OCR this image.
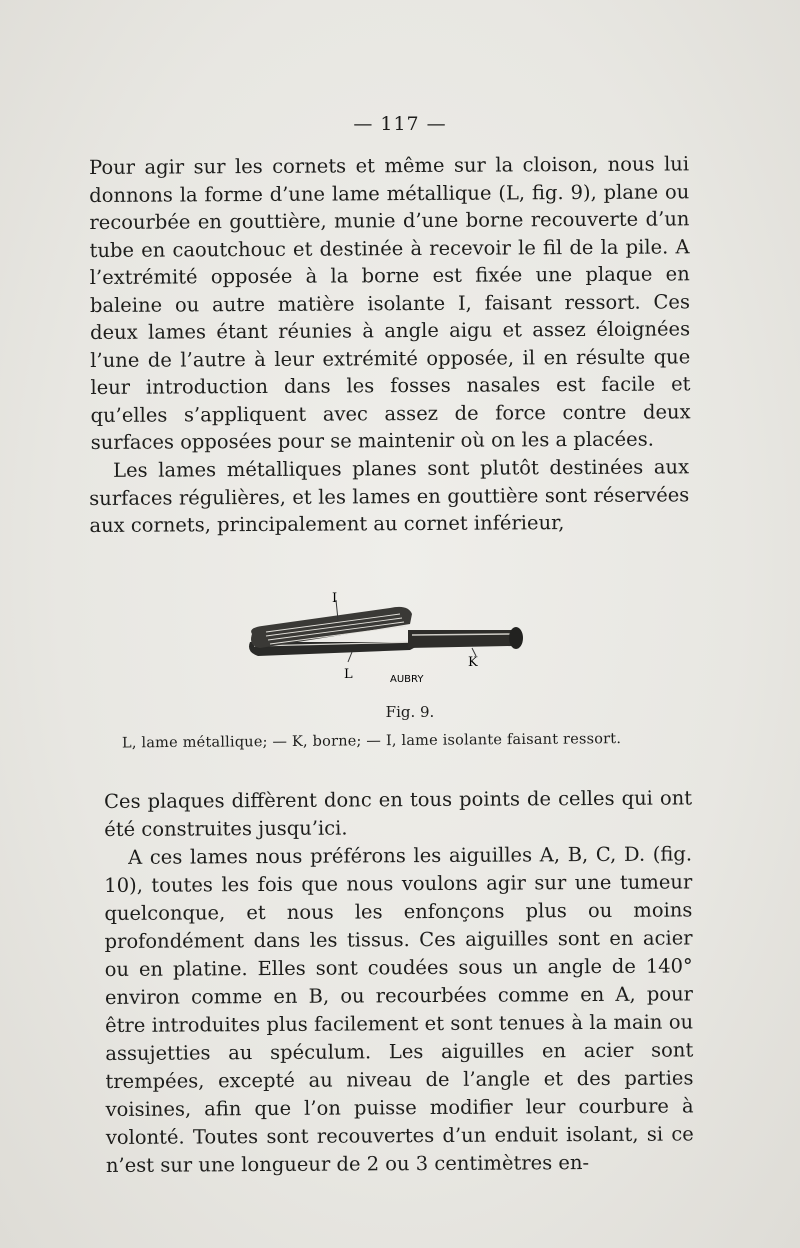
— 117 —

Pour agir sur les cornets et même sur la cloison, nous lui donnons la forme d’une lame métallique (L, fig. 9), plane ou recourbée en gouttière, munie d’une borne recouverte d’un tube en caoutchouc et destinée à recevoir le fil de la pile. A l’extrémité opposée à la borne est fixée une plaque en baleine ou autre matière isolante I, faisant ressort. Ces deux lames étant réunies à angle aigu et assez éloignées l’une de l’autre à leur extrémité opposée, il en résulte que leur introduction dans les fosses nasales est facile et qu’elles s’appliquent avec assez de force contre deux surfaces opposées pour se maintenir où on les a placées.

Les lames métalliques planes sont plutôt destinées aux surfaces régulières, et les lames en gouttière sont réservées aux cornets, principalement au cornet inférieur,

I
L
K
AUBRY
Fig. 9.
L, lame métallique; — K, borne; — I, lame isolante faisant ressort.

Ces plaques diffèrent donc en tous points de celles qui ont été construites jusqu’ici.

A ces lames nous préférons les aiguilles A, B, C, D. (fig. 10), toutes les fois que nous voulons agir sur une tumeur quelconque, et nous les enfonçons plus ou moins profondément dans les tissus. Ces aiguilles sont en acier ou en platine. Elles sont coudées sous un angle de 140° environ comme en B, ou recourbées comme en A, pour être introduites plus facilement et sont tenues à la main ou assujetties au spéculum. Les aiguilles en acier sont trempées, excepté au niveau de l’angle et des parties voisines, afin que l’on puisse modifier leur courbure à volonté. Toutes sont recouvertes d’un enduit isolant, si ce n’est sur une longueur de 2 ou 3 centimètres en-
